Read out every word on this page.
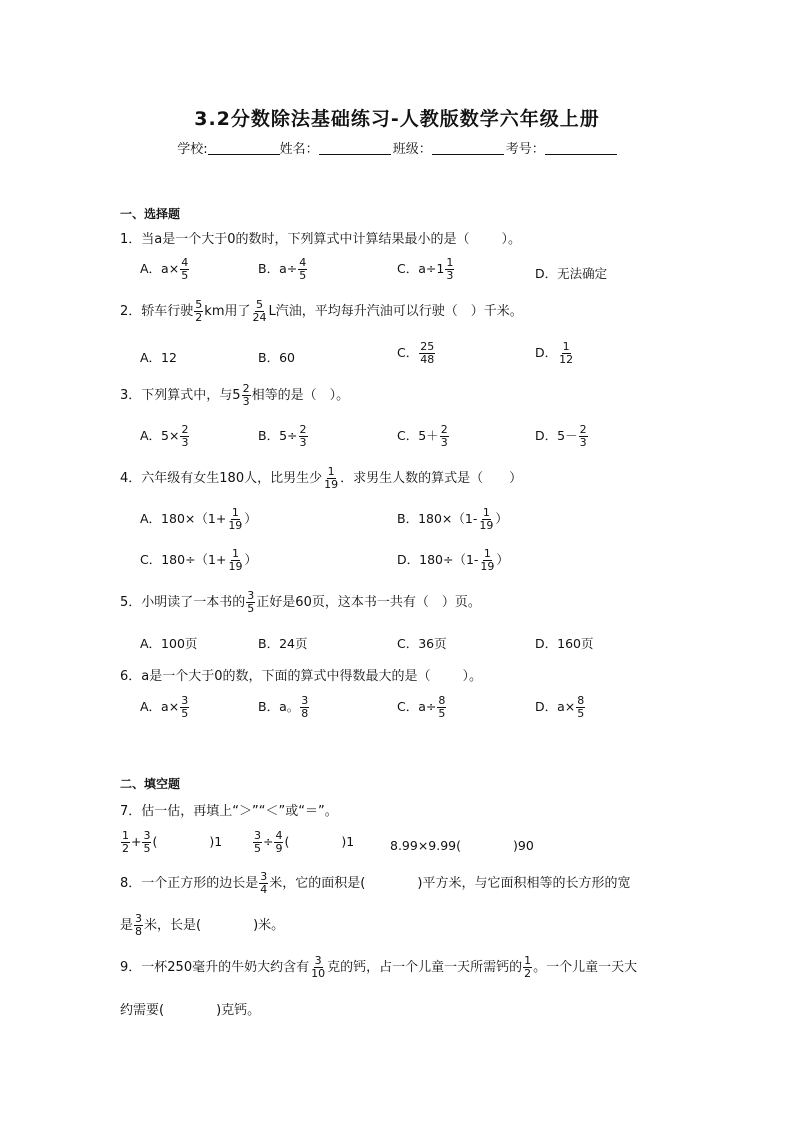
3.2分数除法基础练习-人教版数学六年级上册
学校:	姓名：	班级：	考号：
一、选择题
1．当a是一个大于0的数时，下列算式中计算结果最小的是（ ）。
A．$a\times \frac{4}{5}$	B．$a\div \frac{4}{5}$	C．$a\div 1 \frac{1}{3}$	D．无法确定
2．轿车行驶 $\frac{5}{2}$ km用了 $\frac{5}{24}$ L汽油，平均每升汽油可以行驶（　）千米。
A．12	B．60	C． $\frac{25}{48}$	D． $\frac{1}{12}$
3．下列算式中，与$5 \frac{2}{3}$ 相等的是（　）。
A．$5\times \frac{2}{3}$	B．$5\div \frac{2}{3}$	C．$5+ \frac{2}{3}$	D．$5- \frac{2}{3}$
4．六年级有女生180人，比男生少 $\frac{1}{19}$ ．求男生人数的算式是（　　）
A．$180\times(1+ \frac{1}{19}$ ）	B．$180\times(1- \frac{1}{19}$ ）
C．$180\div(1+ \frac{1}{19}$ ）	D．$180\div(1- \frac{1}{19}$ ）
5．小明读了一本书的 $\frac{3}{5}$ 正好是60页，这本书一共有（　）页。
A．100页	B．24页	C．36页	D．160页
6．a是一个大于0的数，下面的算式中得数最大的是（ ）。
A．$a\times \frac{3}{5}$	B．a。 $\frac{3}{8}$	C．$a\div \frac{8}{5}$	D．$a\times \frac{8}{5}$
二、填空题
7．估一估，再填上“＞”“＜”或“＝”。
$\frac{1}{2} + \frac{3}{5}$ (	)1	$\frac{3}{5} \div \frac{4}{9}$ (	)1	8.99×9.99(	)90
8．一个正方形的边长是 $\frac{3}{4}$ 米，它的面积是(	)平方米，与它面积相等的长方形的宽
是 $\frac{3}{8}$ 米，长是(	)米。
9．一杯250毫升的牛奶大约含有 $\frac{3}{10}$ 克的钙，占一个儿童一天所需钙的 $\frac{1}{2}$ 。一个儿童一天大
约需要(	)克钙。
